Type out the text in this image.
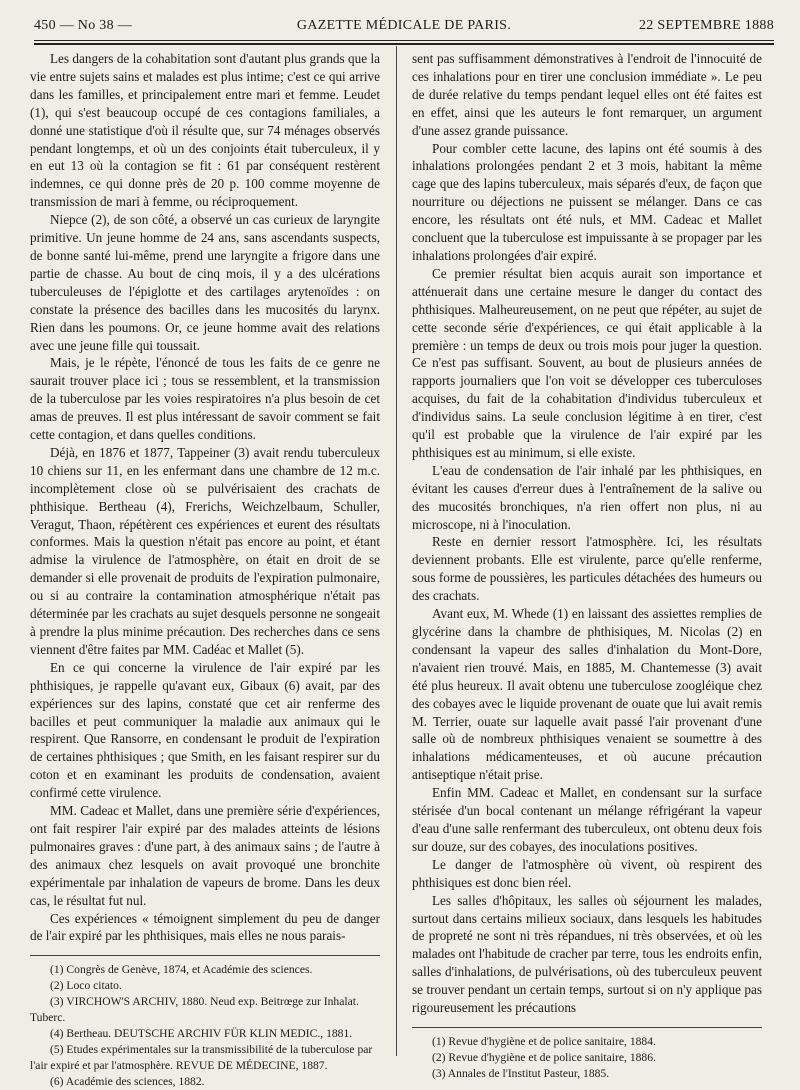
450 — No 38 —	GAZETTE MÉDICALE DE PARIS.	22 SEPTEMBRE 1888

Les dangers de la cohabitation sont d'autant plus grands que la vie entre sujets sains et malades est plus intime; c'est ce qui arrive dans les familles, et principalement entre mari et femme. Leudet (1), qui s'est beaucoup occupé de ces contagions familiales, a donné une statistique d'où il résulte que, sur 74 ménages observés pendant longtemps, et où un des conjoints était tuberculeux, il y en eut 13 où la contagion se fit : 61 par conséquent restèrent indemnes, ce qui donne près de 20 p. 100 comme moyenne de transmission de mari à femme, ou réciproquement.

Niepce (2), de son côté, a observé un cas curieux de laryngite primitive. Un jeune homme de 24 ans, sans ascendants suspects, de bonne santé lui-même, prend une laryngite a frigore dans une partie de chasse. Au bout de cinq mois, il y a des ulcérations tuberculeuses de l'épiglotte et des cartilages arytenoïdes : on constate la présence des bacilles dans les mucosités du larynx. Rien dans les poumons. Or, ce jeune homme avait des relations avec une jeune fille qui toussait.

Mais, je le répète, l'énoncé de tous les faits de ce genre ne saurait trouver place ici ; tous se ressemblent, et la transmission de la tuberculose par les voies respiratoires n'a plus besoin de cet amas de preuves. Il est plus intéressant de savoir comment se fait cette contagion, et dans quelles conditions.

Déjà, en 1876 et 1877, Tappeiner (3) avait rendu tuberculeux 10 chiens sur 11, en les enfermant dans une chambre de 12 m.c. incomplètement close où se pulvérisaient des crachats de phthisique. Bertheau (4), Frerichs, Weichzelbaum, Schuller, Veragut, Thaon, répétèrent ces expériences et eurent des résultats conformes. Mais la question n'était pas encore au point, et étant admise la virulence de l'atmosphère, on était en droit de se demander si elle provenait de produits de l'expiration pulmonaire, ou si au contraire la contamination atmosphérique n'était pas déterminée par les crachats au sujet desquels personne ne songeait à prendre la plus minime précaution. Des recherches dans ce sens viennent d'être faites par MM. Cadéac et Mallet (5).

En ce qui concerne la virulence de l'air expiré par les phthisiques, je rappelle qu'avant eux, Gibaux (6) avait, par des expériences sur des lapins, constaté que cet air renferme des bacilles et peut communiquer la maladie aux animaux qui le respirent. Que Ransorre, en condensant le produit de l'expiration de certaines phthisiques ; que Smith, en les faisant respirer sur du coton et en examinant les produits de condensation, avaient confirmé cette virulence.

MM. Cadeac et Mallet, dans une première série d'expériences, ont fait respirer l'air expiré par des malades atteints de lésions pulmonaires graves : d'une part, à des animaux sains ; de l'autre à des animaux chez lesquels on avait provoqué une bronchite expérimentale par inhalation de vapeurs de brome. Dans les deux cas, le résultat fut nul.

Ces expériences « témoignent simplement du peu de danger de l'air expiré par les phthisiques, mais elles ne nous parais-

(1) Congrès de Genève, 1874, et Académie des sciences.

(2) Loco citato.

(3) VIRCHOW'S ARCHIV, 1880. Neud exp. Beitrœge zur Inhalat. Tuberc.

(4) Bertheau. DEUTSCHE ARCHIV FÜR KLIN MEDIC., 1881.

(5) Etudes expérimentales sur la transmissibilité de la tuberculose par l'air expiré et par l'atmosphère. REVUE DE MÉDECINE, 1887.

(6) Académie des sciences, 1882.

sent pas suffisamment démonstratives à l'endroit de l'innocuité de ces inhalations pour en tirer une conclusion immédiate ». Le peu de durée relative du temps pendant lequel elles ont été faites est en effet, ainsi que les auteurs le font remarquer, un argument d'une assez grande puissance.

Pour combler cette lacune, des lapins ont été soumis à des inhalations prolongées pendant 2 et 3 mois, habitant la même cage que des lapins tuberculeux, mais séparés d'eux, de façon que nourriture ou déjections ne puissent se mélanger. Dans ce cas encore, les résultats ont été nuls, et MM. Cadeac et Mallet concluent que la tuberculose est impuissante à se propager par les inhalations prolongées d'air expiré.

Ce premier résultat bien acquis aurait son importance et atténuerait dans une certaine mesure le danger du contact des phthisiques. Malheureusement, on ne peut que répéter, au sujet de cette seconde série d'expériences, ce qui était applicable à la première : un temps de deux ou trois mois pour juger la question. Ce n'est pas suffisant. Souvent, au bout de plusieurs années de rapports journaliers que l'on voit se développer ces tuberculoses acquises, du fait de la cohabitation d'individus tuberculeux et d'individus sains. La seule conclusion légitime à en tirer, c'est qu'il est probable que la virulence de l'air expiré par les phthisiques est au minimum, si elle existe.

L'eau de condensation de l'air inhalé par les phthisiques, en évitant les causes d'erreur dues à l'entraînement de la salive ou des mucosités bronchiques, n'a rien offert non plus, ni au microscope, ni à l'inoculation.

Reste en dernier ressort l'atmosphère. Ici, les résultats deviennent probants. Elle est virulente, parce qu'elle renferme, sous forme de poussières, les particules détachées des humeurs ou des crachats.

Avant eux, M. Whede (1) en laissant des assiettes remplies de glycérine dans la chambre de phthisiques, M. Nicolas (2) en condensant la vapeur des salles d'inhalation du Mont-Dore, n'avaient rien trouvé. Mais, en 1885, M. Chantemesse (3) avait été plus heureux. Il avait obtenu une tuberculose zoogléique chez des cobayes avec le liquide provenant de ouate que lui avait remis M. Terrier, ouate sur laquelle avait passé l'air provenant d'une salle où de nombreux phthisiques venaient se soumettre à des inhalations médicamenteuses, et où aucune précaution antiseptique n'était prise.

Enfin MM. Cadeac et Mallet, en condensant sur la surface stérisée d'un bocal contenant un mélange réfrigérant la vapeur d'eau d'une salle renfermant des tuberculeux, ont obtenu deux fois sur douze, sur des cobayes, des inoculations positives.

Le danger de l'atmosphère où vivent, où respirent des phthisiques est donc bien réel.

Les salles d'hôpitaux, les salles où séjournent les malades, surtout dans certains milieux sociaux, dans lesquels les habitudes de propreté ne sont ni très répandues, ni très observées, et où les malades ont l'habitude de cracher par terre, tous les endroits enfin, salles d'inhalations, de pulvérisations, où des tuberculeux peuvent se trouver pendant un certain temps, surtout si on n'y applique pas rigoureusement les précautions

(1) Revue d'hygiène et de police sanitaire, 1884.

(2) Revue d'hygiène et de police sanitaire, 1886.

(3) Annales de l'Institut Pasteur, 1885.
